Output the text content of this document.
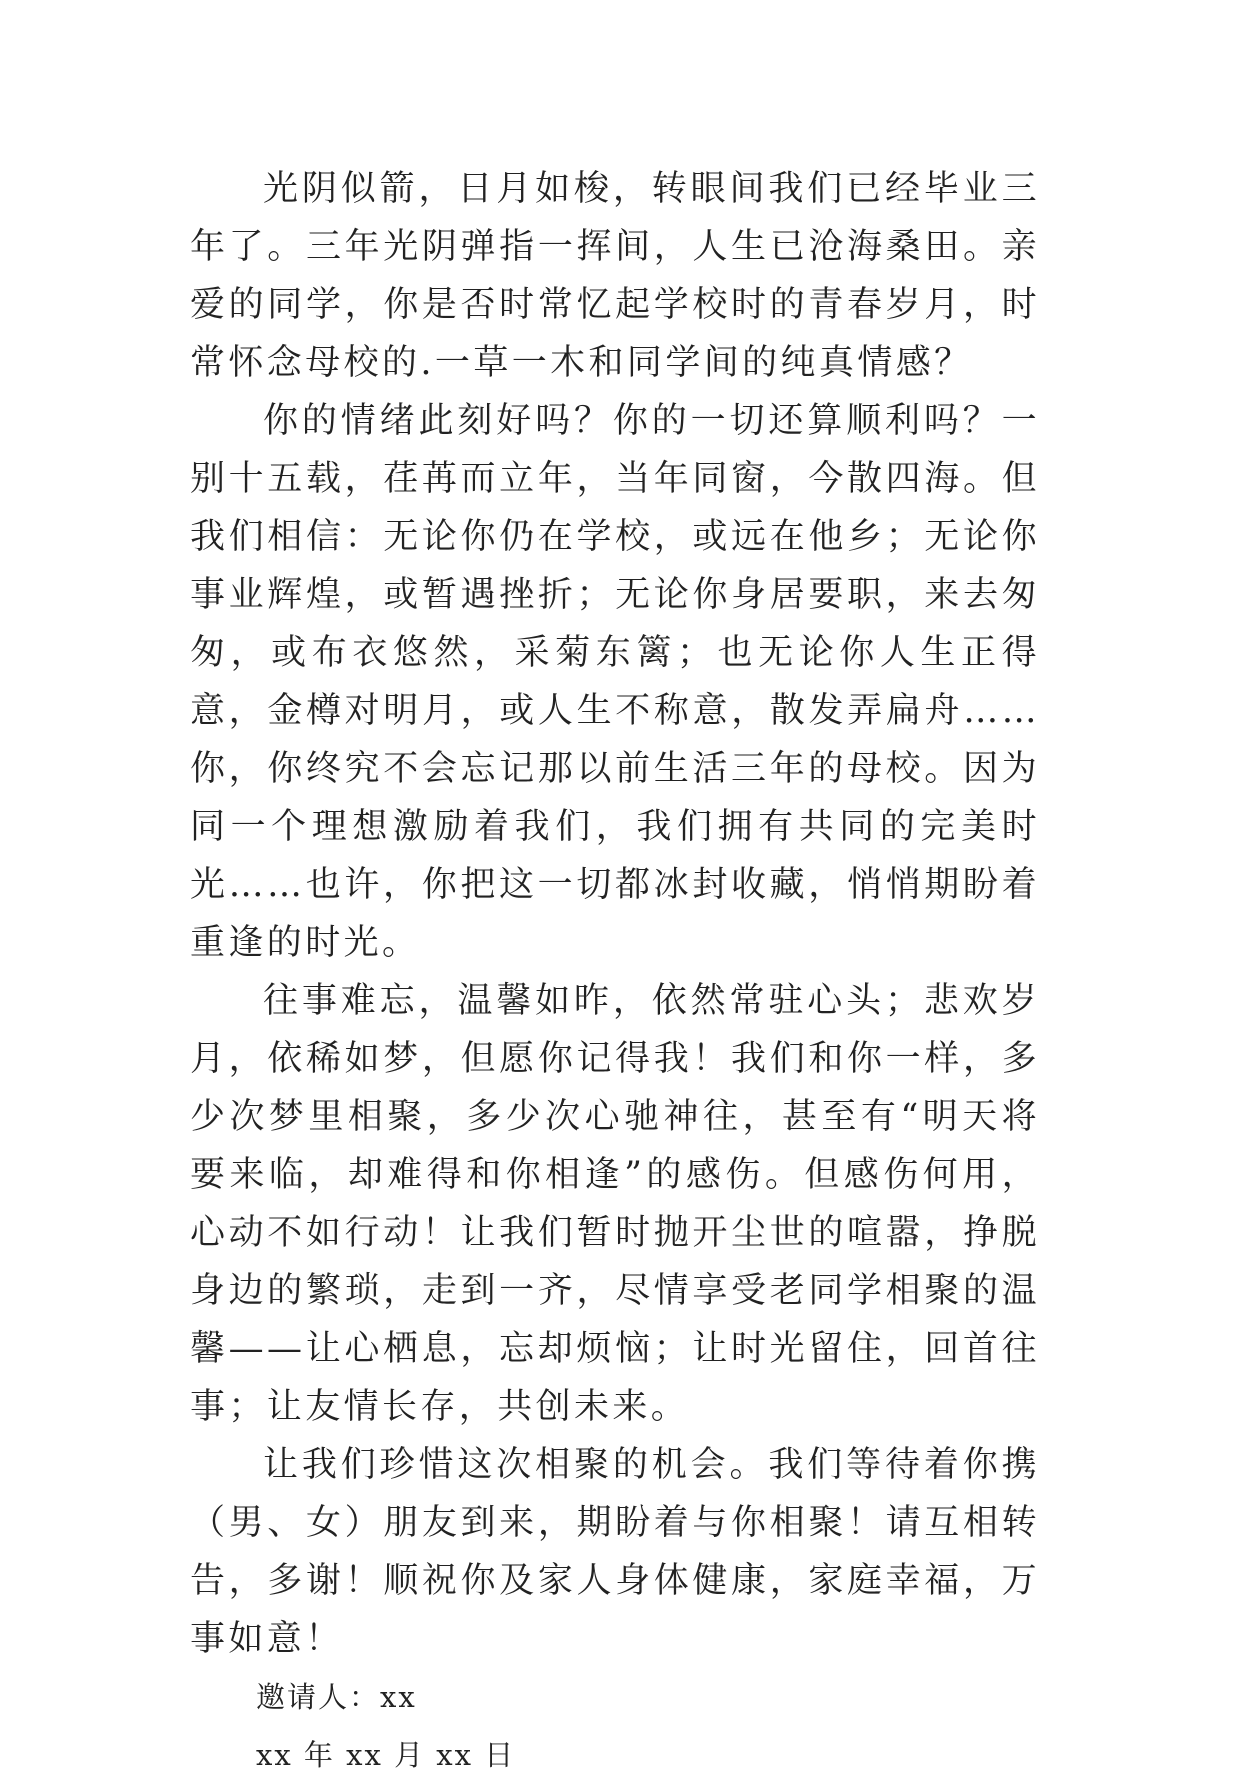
光阴似箭，日月如梭，转眼间我们已经毕业三年了。三年光阴弹指一挥间，人生已沧海桑田。亲爱的同学，你是否时常忆起学校时的青春岁月，时常怀念母校的.一草一木和同学间的纯真情感？

你的情绪此刻好吗？你的一切还算顺利吗？一别十五载，荏苒而立年，当年同窗，今散四海。但我们相信：无论你仍在学校，或远在他乡；无论你事业辉煌，或暂遇挫折；无论你身居要职，来去匆匆，或布衣悠然，采菊东篱；也无论你人生正得意，金樽对明月，或人生不称意，散发弄扁舟……你，你终究不会忘记那以前生活三年的母校。因为同一个理想激励着我们，我们拥有共同的完美时光……也许，你把这一切都冰封收藏，悄悄期盼着重逢的时光。

往事难忘，温馨如昨，依然常驻心头；悲欢岁月，依稀如梦，但愿你记得我！我们和你一样，多少次梦里相聚，多少次心驰神往，甚至有“明天将要来临，却难得和你相逢”的感伤。但感伤何用，心动不如行动！让我们暂时抛开尘世的喧嚣，挣脱身边的繁琐，走到一齐，尽情享受老同学相聚的温馨——让心栖息，忘却烦恼；让时光留住，回首往事；让友情长存，共创未来。

让我们珍惜这次相聚的机会。我们等待着你携（男、女）朋友到来，期盼着与你相聚！请互相转告，多谢！顺祝你及家人身体健康，家庭幸福，万事如意！

邀请人：xx

xx 年 xx 月 xx 日
